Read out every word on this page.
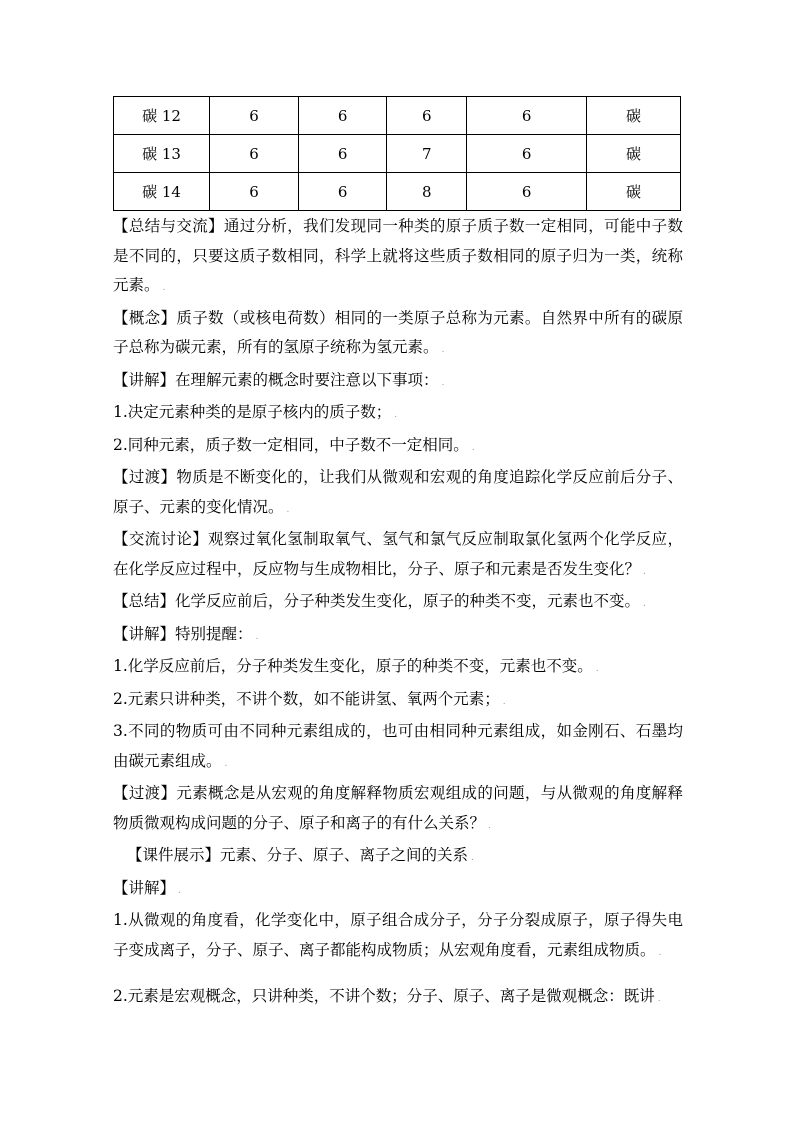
碳 12	6	6	6	6	碳
碳 13	6	6	7	6	碳
碳 14	6	6	8	6	碳

【总结与交流】通过分析，我们发现同一种类的原子质子数一定相同，可能中子数是不同的，只要这质子数相同，科学上就将这些质子数相同的原子归为一类，统称元素。 .

【概念】质子数（或核电荷数）相同的一类原子总称为元素。自然界中所有的碳原子总称为碳元素，所有的氢原子统称为氢元素。 .

【讲解】在理解元素的概念时要注意以下事项： .

1.决定元素种类的是原子核内的质子数； .

2.同种元素，质子数一定相同，中子数不一定相同。 .

【过渡】物质是不断变化的，让我们从微观和宏观的角度追踪化学反应前后分子、原子、元素的变化情况。 .

【交流讨论】观察过氧化氢制取氧气、氢气和氯气反应制取氯化氢两个化学反应，在化学反应过程中，反应物与生成物相比，分子、原子和元素是否发生变化？ .

【总结】化学反应前后，分子种类发生变化，原子的种类不变，元素也不变。 .

【讲解】特别提醒： .

1.化学反应前后，分子种类发生变化，原子的种类不变，元素也不变。 .

2.元素只讲种类，不讲个数，如不能讲氢、氧两个元素； .

3.不同的物质可由不同种元素组成的，也可由相同种元素组成，如金刚石、石墨均由碳元素组成。 .

【过渡】元素概念是从宏观的角度解释物质宏观组成的问题，与从微观的角度解释物质微观构成问题的分子、原子和离子的有什么关系？ .

【课件展示】元素、分子、原子、离子之间的关系 .

【讲解】 .

1.从微观的角度看，化学变化中，原子组合成分子，分子分裂成原子，原子得失电子变成离子，分子、原子、离子都能构成物质；从宏观角度看，元素组成物质。 .

2.元素是宏观概念，只讲种类，不讲个数；分子、原子、离子是微观概念：既讲 .
